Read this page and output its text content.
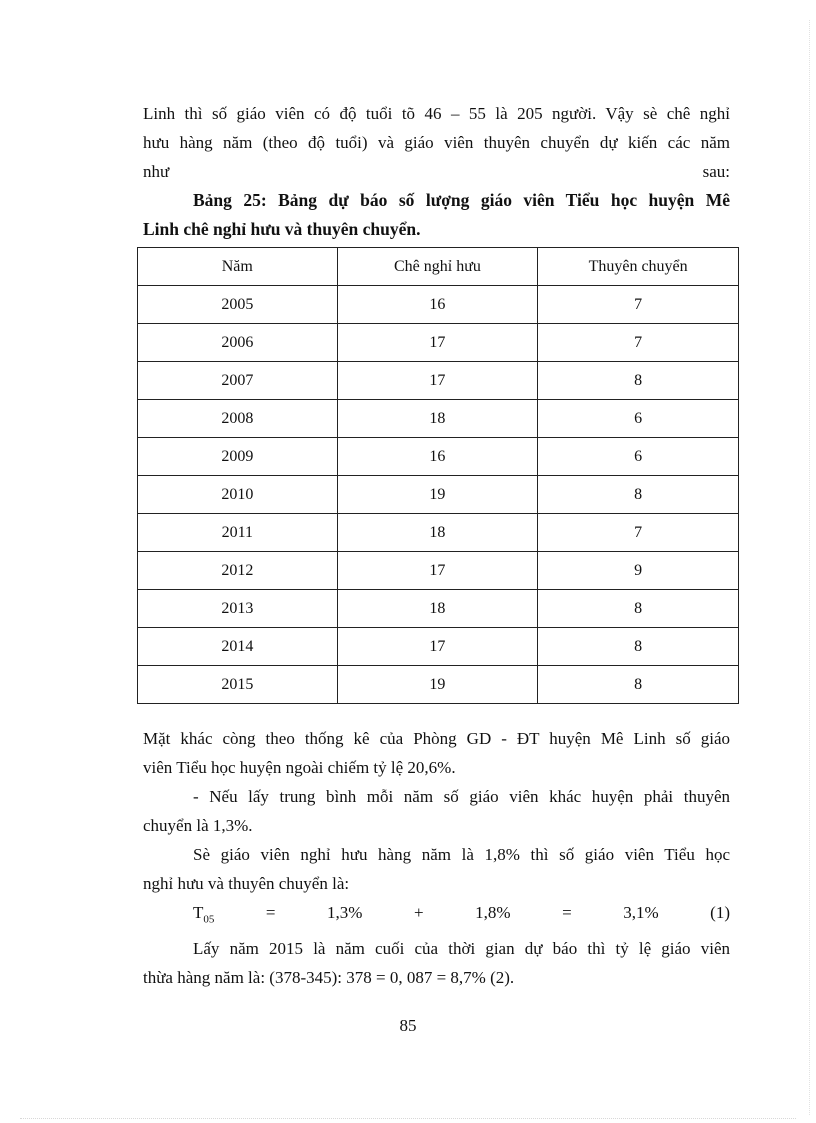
Linh thì số giáo viên có độ tuổi tõ 46 – 55 là 205 người. Vậy sè chê nghỉ
hưu hàng năm (theo độ tuổi) và giáo viên thuyên chuyển dự kiến các năm
như	sau:
Bảng 25: Bảng dự báo số lượng giáo viên Tiểu học huyện Mê
Linh chê nghỉ hưu và thuyên chuyển.
Năm	Chê nghỉ hưu	Thuyên chuyển
2005	16	7
2006	17	7
2007	17	8
2008	18	6
2009	16	6
2010	19	8
2011	18	7
2012	17	9
2013	18	8
2014	17	8
2015	19	8
Mặt khác còng theo thống kê của Phòng GD - ĐT huyện Mê Linh số giáo
viên Tiểu học huyện ngoài chiếm tỷ lệ 20,6%.
- Nếu lấy trung bình mỗi năm số giáo viên khác huyện phải thuyên
chuyển là 1,3%.
Sè giáo viên nghỉ hưu hàng năm là 1,8% thì số giáo viên Tiểu học
nghỉ hưu và thuyên chuyển là:
$T_{05}$	=	1,3%	+	1,8%	=	3,1%	(1)
Lấy năm 2015 là năm cuối của thời gian dự báo thì tỷ lệ giáo viên
thừa hàng năm là: (378-345): 378 = 0, 087 = 8,7% (2).
85
